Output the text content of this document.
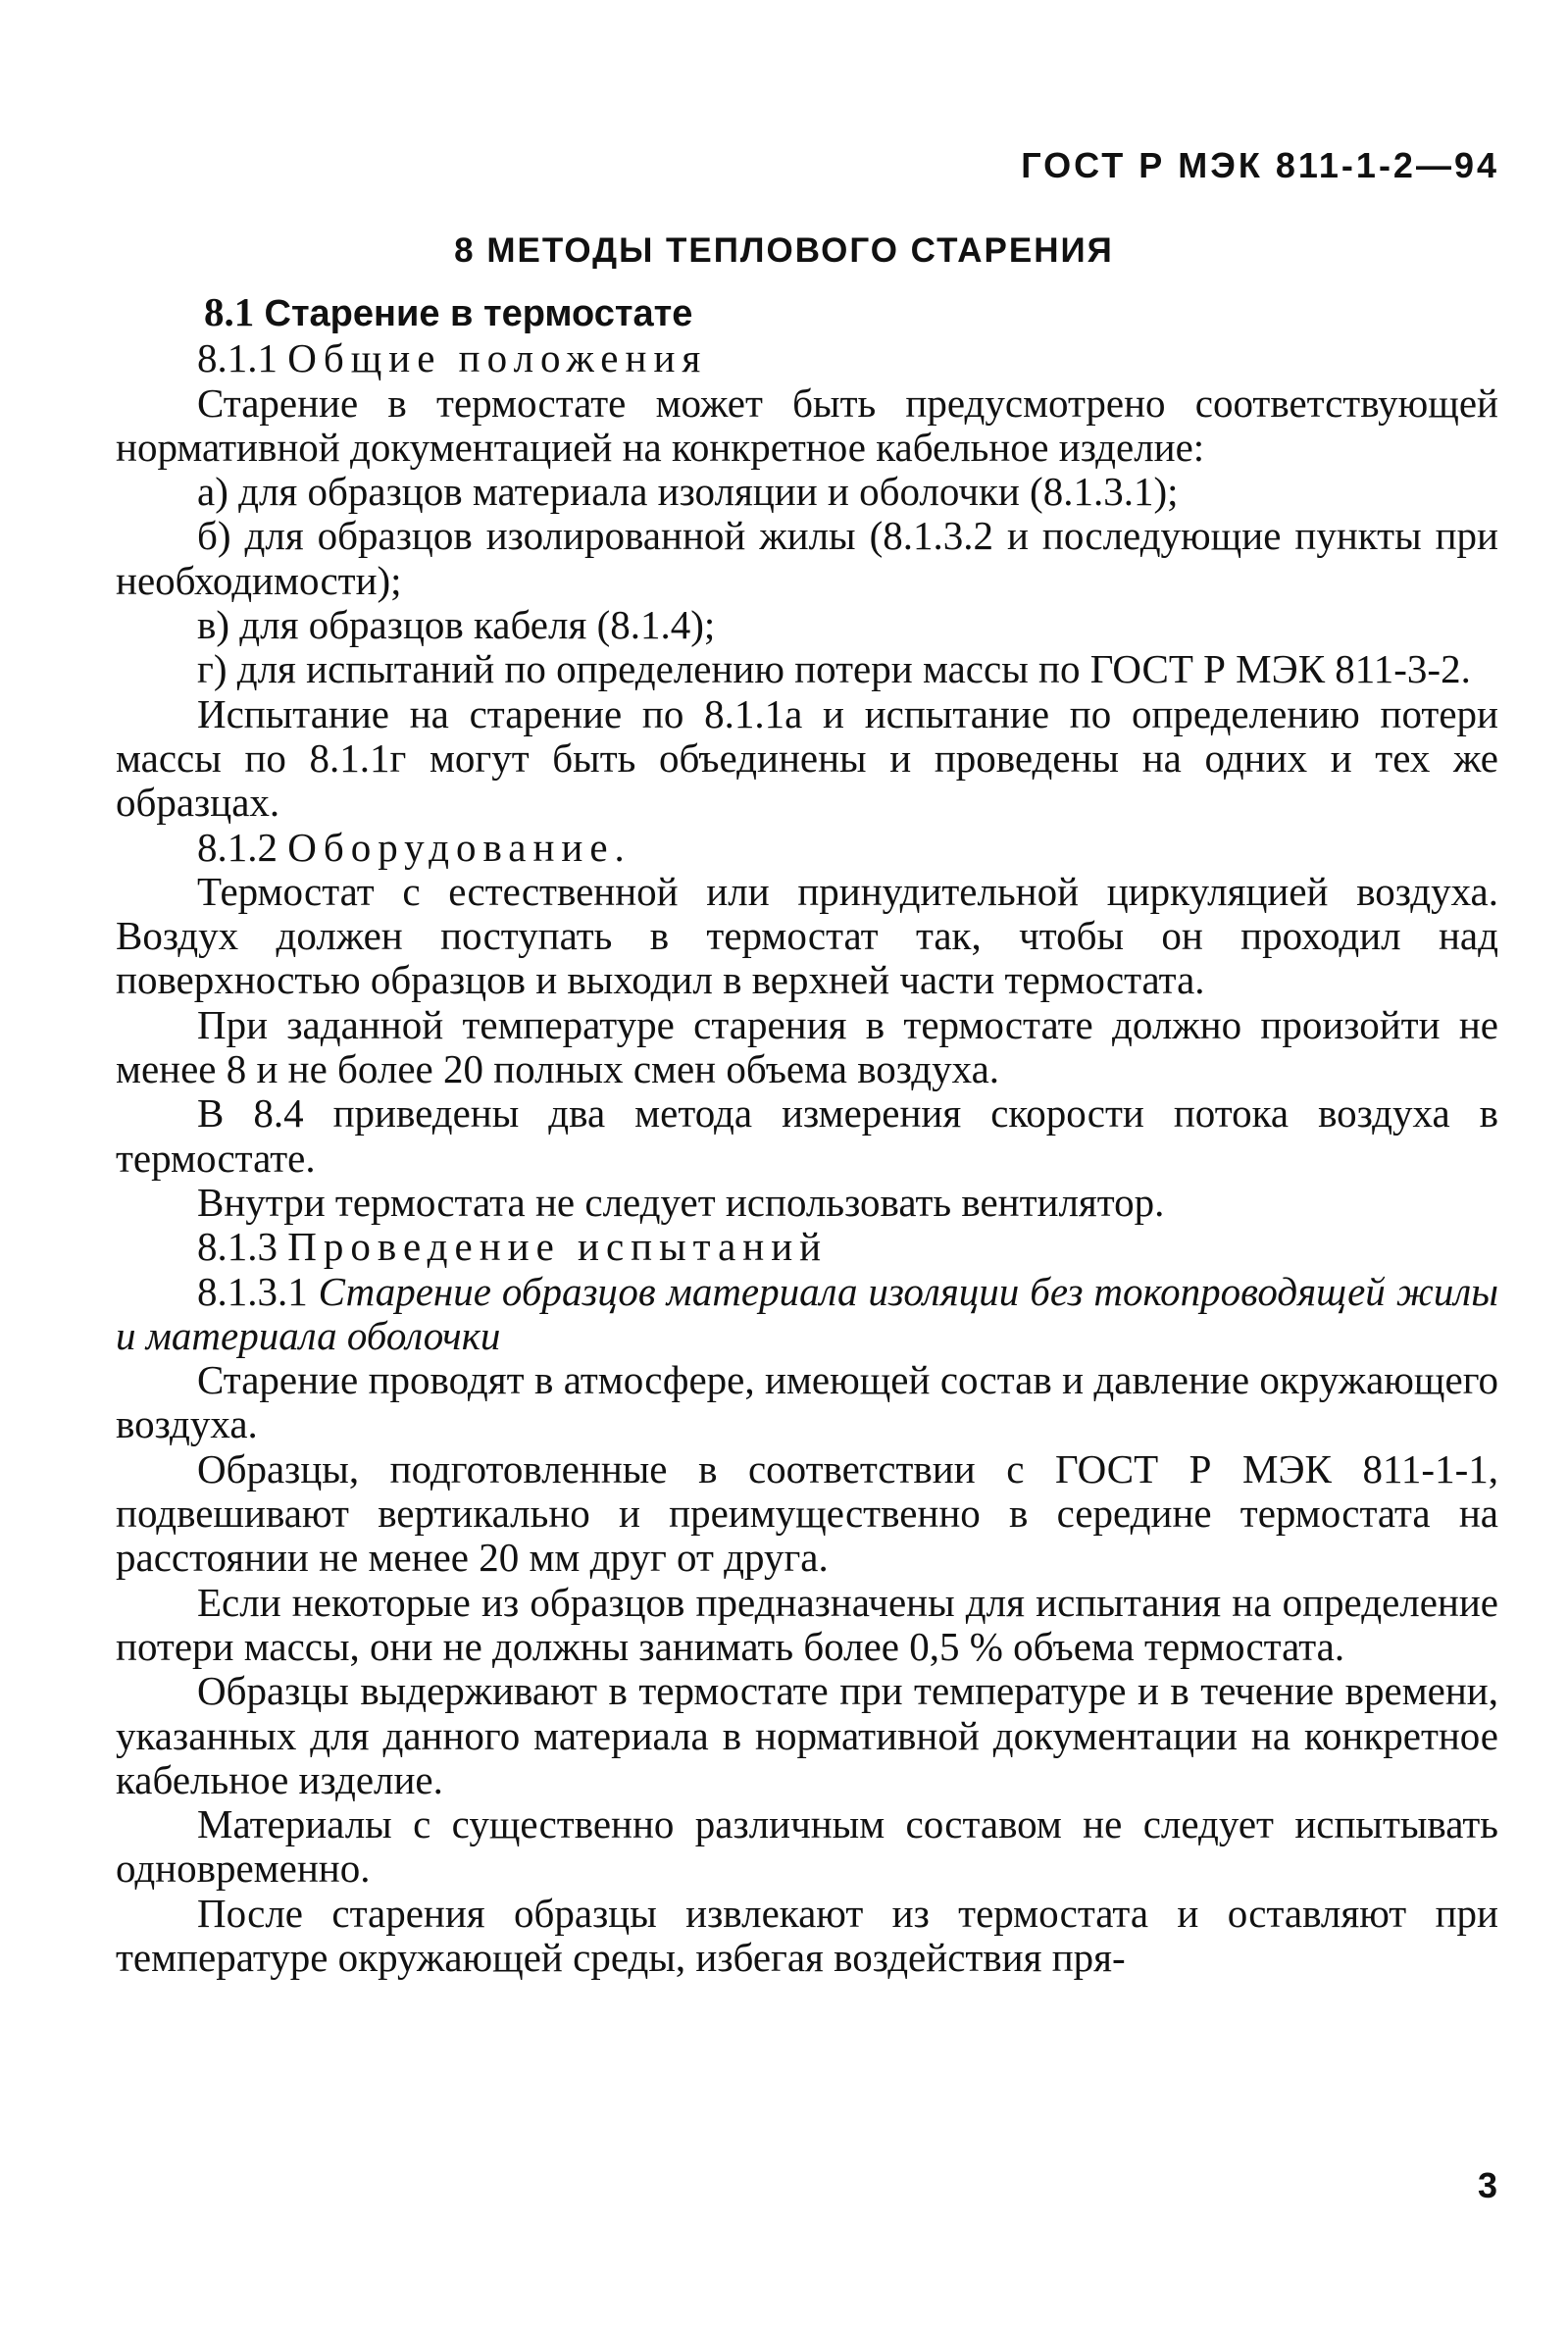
ГОСТ Р МЭК 811-1-2—94
8 МЕТОДЫ ТЕПЛОВОГО СТАРЕНИЯ

8.1 Старение в термостате

8.1.1 Общие положения

Старение в термостате может быть предусмотрено соответствующей нормативной документацией на конкретное кабельное изделие:

а) для образцов материала изоляции и оболочки (8.1.3.1);

б) для образцов изолированной жилы (8.1.3.2 и последующие пункты при необходимости);

в) для образцов кабеля (8.1.4);

г) для испытаний по определению потери массы по ГОСТ Р МЭК 811-3-2.

Испытание на старение по 8.1.1а и испытание по определению потери массы по 8.1.1г могут быть объединены и проведены на одних и тех же образцах.

8.1.2 Оборудование.

Термостат с естественной или принудительной циркуляцией воздуха. Воздух должен поступать в термостат так, чтобы он проходил над поверхностью образцов и выходил в верхней части термостата.

При заданной температуре старения в термостате должно произойти не менее 8 и не более 20 полных смен объема воздуха.

В 8.4 приведены два метода измерения скорости потока воздуха в термостате.

Внутри термостата не следует использовать вентилятор.

8.1.3 Проведение испытаний

8.1.3.1 Старение образцов материала изоляции без токопроводящей жилы и материала оболочки

Старение проводят в атмосфере, имеющей состав и давление окружающего воздуха.

Образцы, подготовленные в соответствии с ГОСТ Р МЭК 811-1-1, подвешивают вертикально и преимущественно в середине термостата на расстоянии не менее 20 мм друг от друга.

Если некоторые из образцов предназначены для испытания на определение потери массы, они не должны занимать более 0,5 % объема термостата.

Образцы выдерживают в термостате при температуре и в течение времени, указанных для данного материала в нормативной документации на конкретное кабельное изделие.

Материалы с существенно различным составом не следует испытывать одновременно.

После старения образцы извлекают из термостата и оставляют при температуре окружающей среды, избегая воздействия пря-

3
